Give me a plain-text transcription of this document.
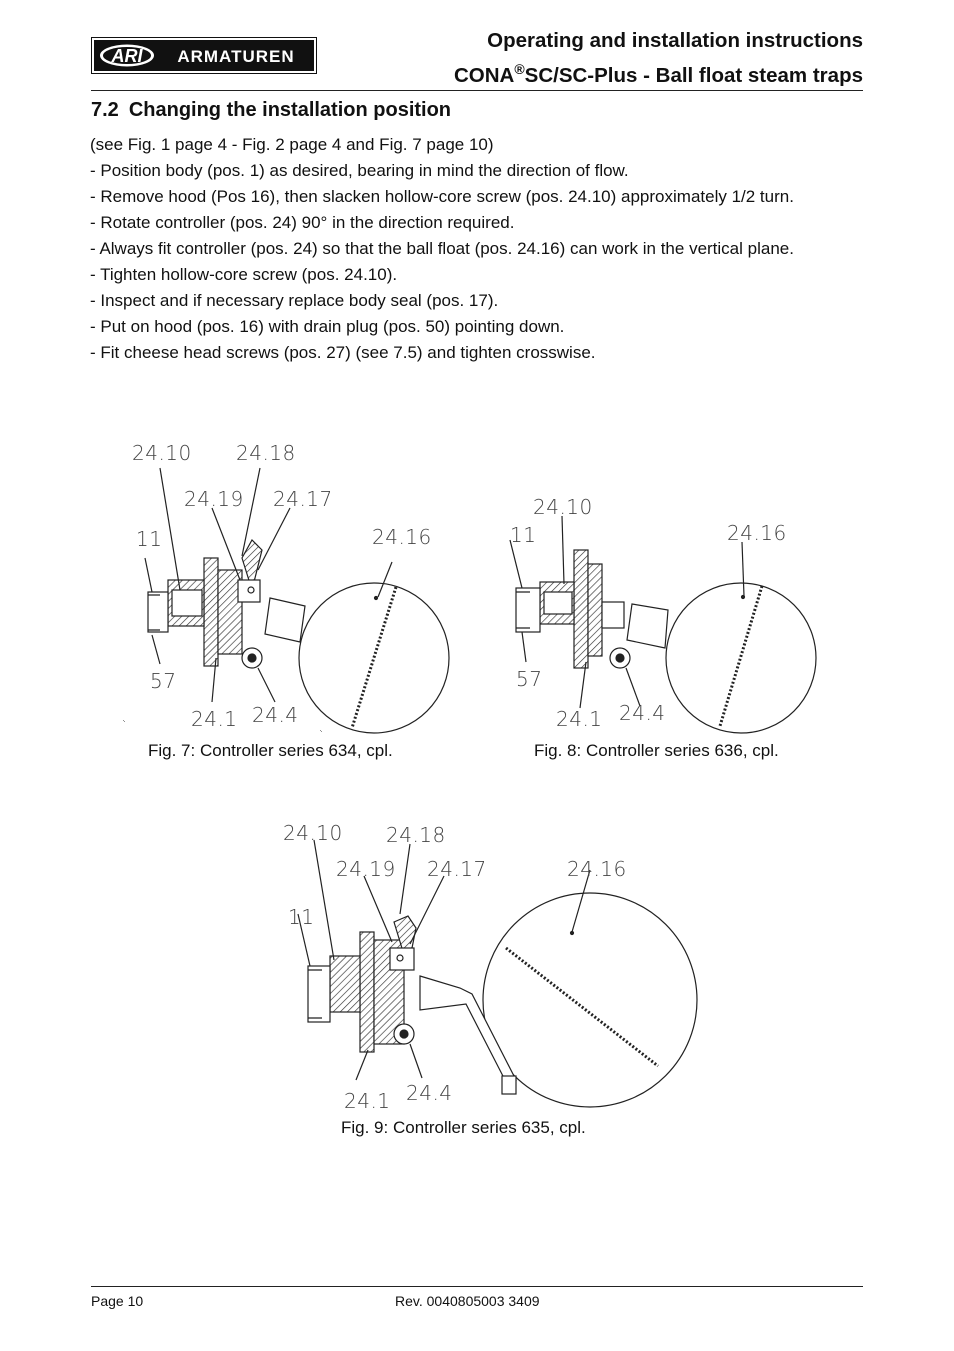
ARI ARMATUREN
Operating and installation instructions
CONA®SC/SC-Plus - Ball float steam traps
7.2 Changing the installation position

(see Fig. 1 page 4 - Fig. 2 page 4 and Fig. 7 page 10)

- Position body (pos. 1) as desired, bearing in mind the direction of flow.

- Remove hood (Pos 16), then slacken hollow-core screw (pos. 24.10) approximately 1/2 turn.

- Rotate controller (pos. 24) 90° in the direction required.

- Always fit controller (pos. 24) so that the ball float (pos. 24.16) can work in the vertical plane.

- Tighten hollow-core screw (pos. 24.10).

- Inspect and if necessary replace body seal (pos. 17).

- Put on hood (pos. 16) with drain plug (pos. 50) pointing down.

- Fit cheese head screws (pos. 27) (see 7.5) and tighten crosswise.

24.10 24.18
24.19 24.17
11	24.16
57
24.1 24.4
Fig. 7: Controller series 634, cpl.
24.10
11	24.16
57
24.1 24.4
Fig. 8: Controller series 636, cpl.
24.10 24.18
24.19 24.17
11
24.16
24.1 24.4
Fig. 9: Controller series 635, cpl.
Page 10	Rev. 0040805003 3409
